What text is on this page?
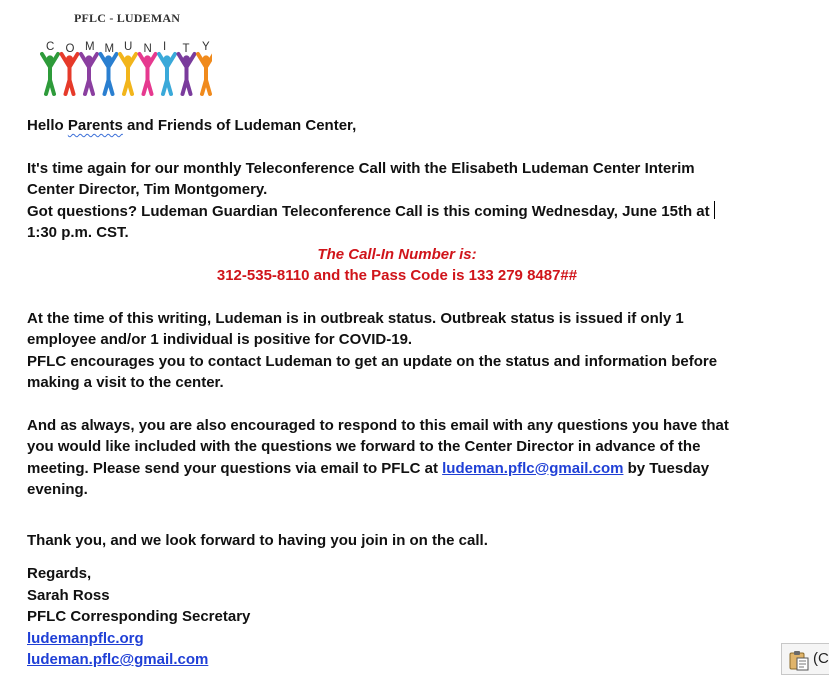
PFLC - LUDEMAN
C O M M U N I T Y

Hello Parents and Friends of Ludeman Center,

It's time again for our monthly Teleconference Call with the Elisabeth Ludeman Center Interim
Center Director, Tim Montgomery.
Got questions? Ludeman Guardian Teleconference Call is this coming Wednesday, June 15th at
1:30 p.m. CST.

The Call-In Number is:

312-535-8110 and the Pass Code is 133 279 8487##

At the time of this writing, Ludeman is in outbreak status. Outbreak status is issued if only 1
employee and/or 1 individual is positive for COVID-19.
PFLC encourages you to contact Ludeman to get an update on the status and information before
making a visit to the center.

And as always, you are also encouraged to respond to this email with any questions you have that
you would like included with the questions we forward to the Center Director in advance of the
meeting. Please send your questions via email to PFLC at ludeman.pflc@gmail.com by Tuesday
evening.

Thank you, and we look forward to having you join in on the call.

Regards,
Sarah Ross
PFLC Corresponding Secretary
ludemanpflc.org
ludeman.pflc@gmail.com	(C
